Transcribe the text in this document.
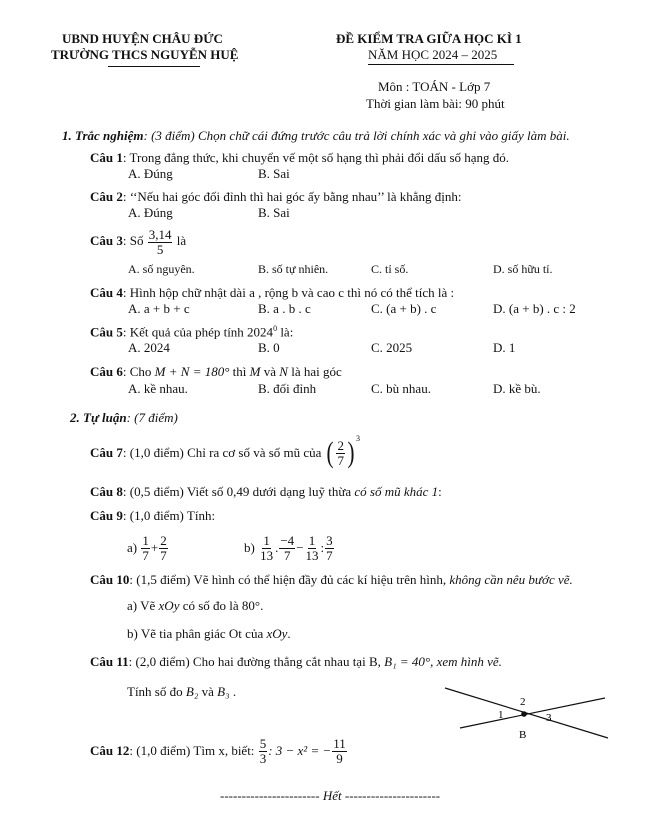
UBND HUYỆN CHÂU ĐỨC
TRƯỜNG THCS NGUYỄN HUỆ
ĐỀ KIỂM TRA GIỮA HỌC KÌ 1
NĂM HỌC 2024 – 2025
Môn : TOÁN - Lớp 7
Thời gian làm bài: 90 phút
1. Trắc nghiệm: (3 điểm) Chọn chữ cái đứng trước câu trả lời chính xác và ghi vào giấy làm bài.
Câu 1: Trong đẳng thức, khi chuyển vế một số hạng thì phải đổi dấu số hạng đó.
A. Đúng	B. Sai
Câu 2: ‘‘Nếu hai góc đối đỉnh thì hai góc ấy bằng nhau’’ là khẳng định:
A. Đúng	B. Sai
Câu 3: Số $\frac{3,14}{5}$ là
A. số nguyên.	B. số tự nhiên.	C. tỉ số.	D. số hữu tỉ.
Câu 4: Hình hộp chữ nhật dài a , rộng b và cao c thì nó có thể tích là :
A. a + b + c	B. a . b . c	C. (a + b) . c	D. (a + b) . c : 2
Câu 5: Kết quả của phép tính 2024$^0$ là:
A. 2024	B. 0	C. 2025	D. 1
Câu 6: Cho M + N = 180° thì M và N là hai góc
A. kề nhau.	B. đối đỉnh	C. bù nhau.	D. kề bù.
2. Tự luận: (7 điểm)
Câu 7 : (1,0 điểm) Chỉ ra cơ số và số mũ của ( $\frac{2}{7} )^3$
Câu 8: (0,5 điểm) Viết số 0,49 dưới dạng luỹ thừa có số mũ khác 1:
Câu 9: (1,0 điểm) Tính:
a)
$\frac{1}{7} + \frac{2}{7}$	b)
$\frac{1}{13}$ . $\frac{-4}{7} - \frac{1}{13}$ : $\frac{3}{7}$
Câu 10: (1,5 điểm) Vẽ hình có thể hiện đầy đủ các kí hiệu trên hình, không cần nêu bước vẽ.
a) Vẽ xOy có số đo là 80°.
b) Vẽ tia phân giác Ot của xOy.
Câu 11: (2,0 điểm) Cho hai đường thẳng cắt nhau tại B, B₁ = 40°, xem hình vẽ.
Tính số đo B₂ và B₃ .
1
2
3
B
Câu 12 : (1,0 điểm) Tìm x, biết:
$\frac{5}{3}$ : 3 − x² = − $\frac{11}{9}$
----------------------- Hết ----------------------
